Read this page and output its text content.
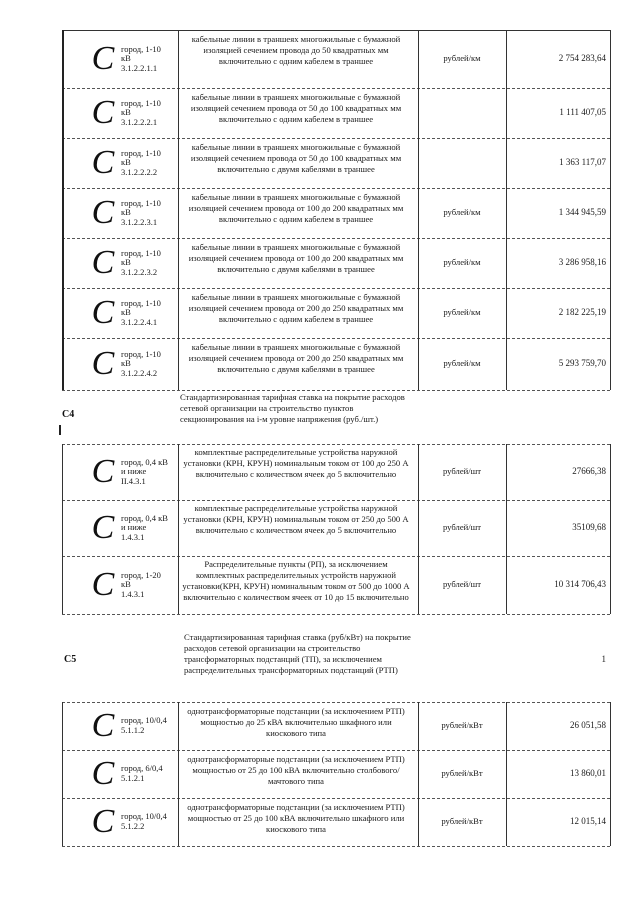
C город, 1-10
кВ
3.1.2.2.1.1
кабельные линии в траншеях многожильные с бумажной изоляцией сечением провода до 50 квадратных мм включительно с одним кабелем в траншее	рублей/км	2 754 283,64
C город, 1-10
кВ
3.1.2.2.2.1
кабельные линии в траншеях многожильные с бумажной изоляцией сечением провода от 50 до 100 квадратных мм включительно с одним кабелем в траншее
1 111 407,05
C город, 1-10
кВ
3.1.2.2.2.2
кабельные линии в траншеях многожильные с бумажной изоляцией сечением провода от 50 до 100 квадратных мм включительно с двумя кабелями в траншее
1 363 117,07
C город, 1-10
кВ
3.1.2.2.3.1
кабельные линии в траншеях многожильные с бумажной изоляцией сечением провода от 100 до 200 квадратных мм включительно с одним кабелем в траншее
рублей/км	1 344 945,59
C город, 1-10
кВ
3.1.2.2.3.2
кабельные линии в траншеях многожильные с бумажной изоляцией сечением провода от 100 до 200 квадратных мм включительно с двумя кабелями в траншее
рублей/км	3 286 958,16
C город, 1-10
кВ
3.1.2.2.4.1
кабельные линии в траншеях многожильные с бумажной изоляцией сечением провода от 200 до 250 квадратных мм включительно с одним кабелем в траншее
рублей/км	2 182 225,19
C город, 1-10
кВ
3.1.2.2.4.2
кабельные линии в траншеях многожильные с бумажной изоляцией сечением провода от 200 до 250 квадратных мм включительно с двумя кабелями в траншее
рублей/км	5 293 759,70
С4
Стандартизированная тарифная ставка на покрытие расходов сетевой организации на строительство пунктов секционирования на i-м уровне напряжения (руб./шт.)
C город, 0,4 кВ
и ниже
II.4.3.1
комплектные распределительные устройства наружной установки (КРН, КРУН) номинальным током от 100 до 250 А включительно с количеством ячеек до 5 включительно	рублей/шт	27666,38
C город, 0,4 кВ
и ниже
1.4.3.1
комплектные распределительные устройства наружной установки (КРН, КРУН) номинальным током от 250 до 500 А включительно с количеством ячеек до 5 включительно	рублей/шт	35109,68
C город, 1-20
кВ
1.4.3.1
Распределительные пункты (РП), за исключением комплектных распределительных устройств наружной установки(КРН, КРУН) номинальным током от 500 до 1000 А включительно с количеством ячеек от 10 до 15 включительно
рублей/шт	10 314 706,43
С5
Стандартизированная тарифная ставка (руб/кВт) на покрытие расходов сетевой организации на строительство трансформаторных подстанций (ТП), за исключением распределительных трансформаторных подстанций (РТП)
1
C город, 10/0,4
5.1.1.2
однотрансформаторные подстанции (за исключением РТП) мощностью до 25 кВА включительно шкафного или киоскового типа
рублей/кВт	26 051,58
C город, 6/0,4
5.1.2.1
однотрансформаторные подстанции (за исключением РТП) мощностью от 25 до 100 кВА включительно столбового/мачтового типа
рублей/кВт	13 860,01
C город, 10/0,4
5.1.2.2
однотрансформаторные подстанции (за исключением РТП) мощностью от 25 до 100 кВА включительно шкафного или киоскового типа
рублей/кВт	12 015,14
